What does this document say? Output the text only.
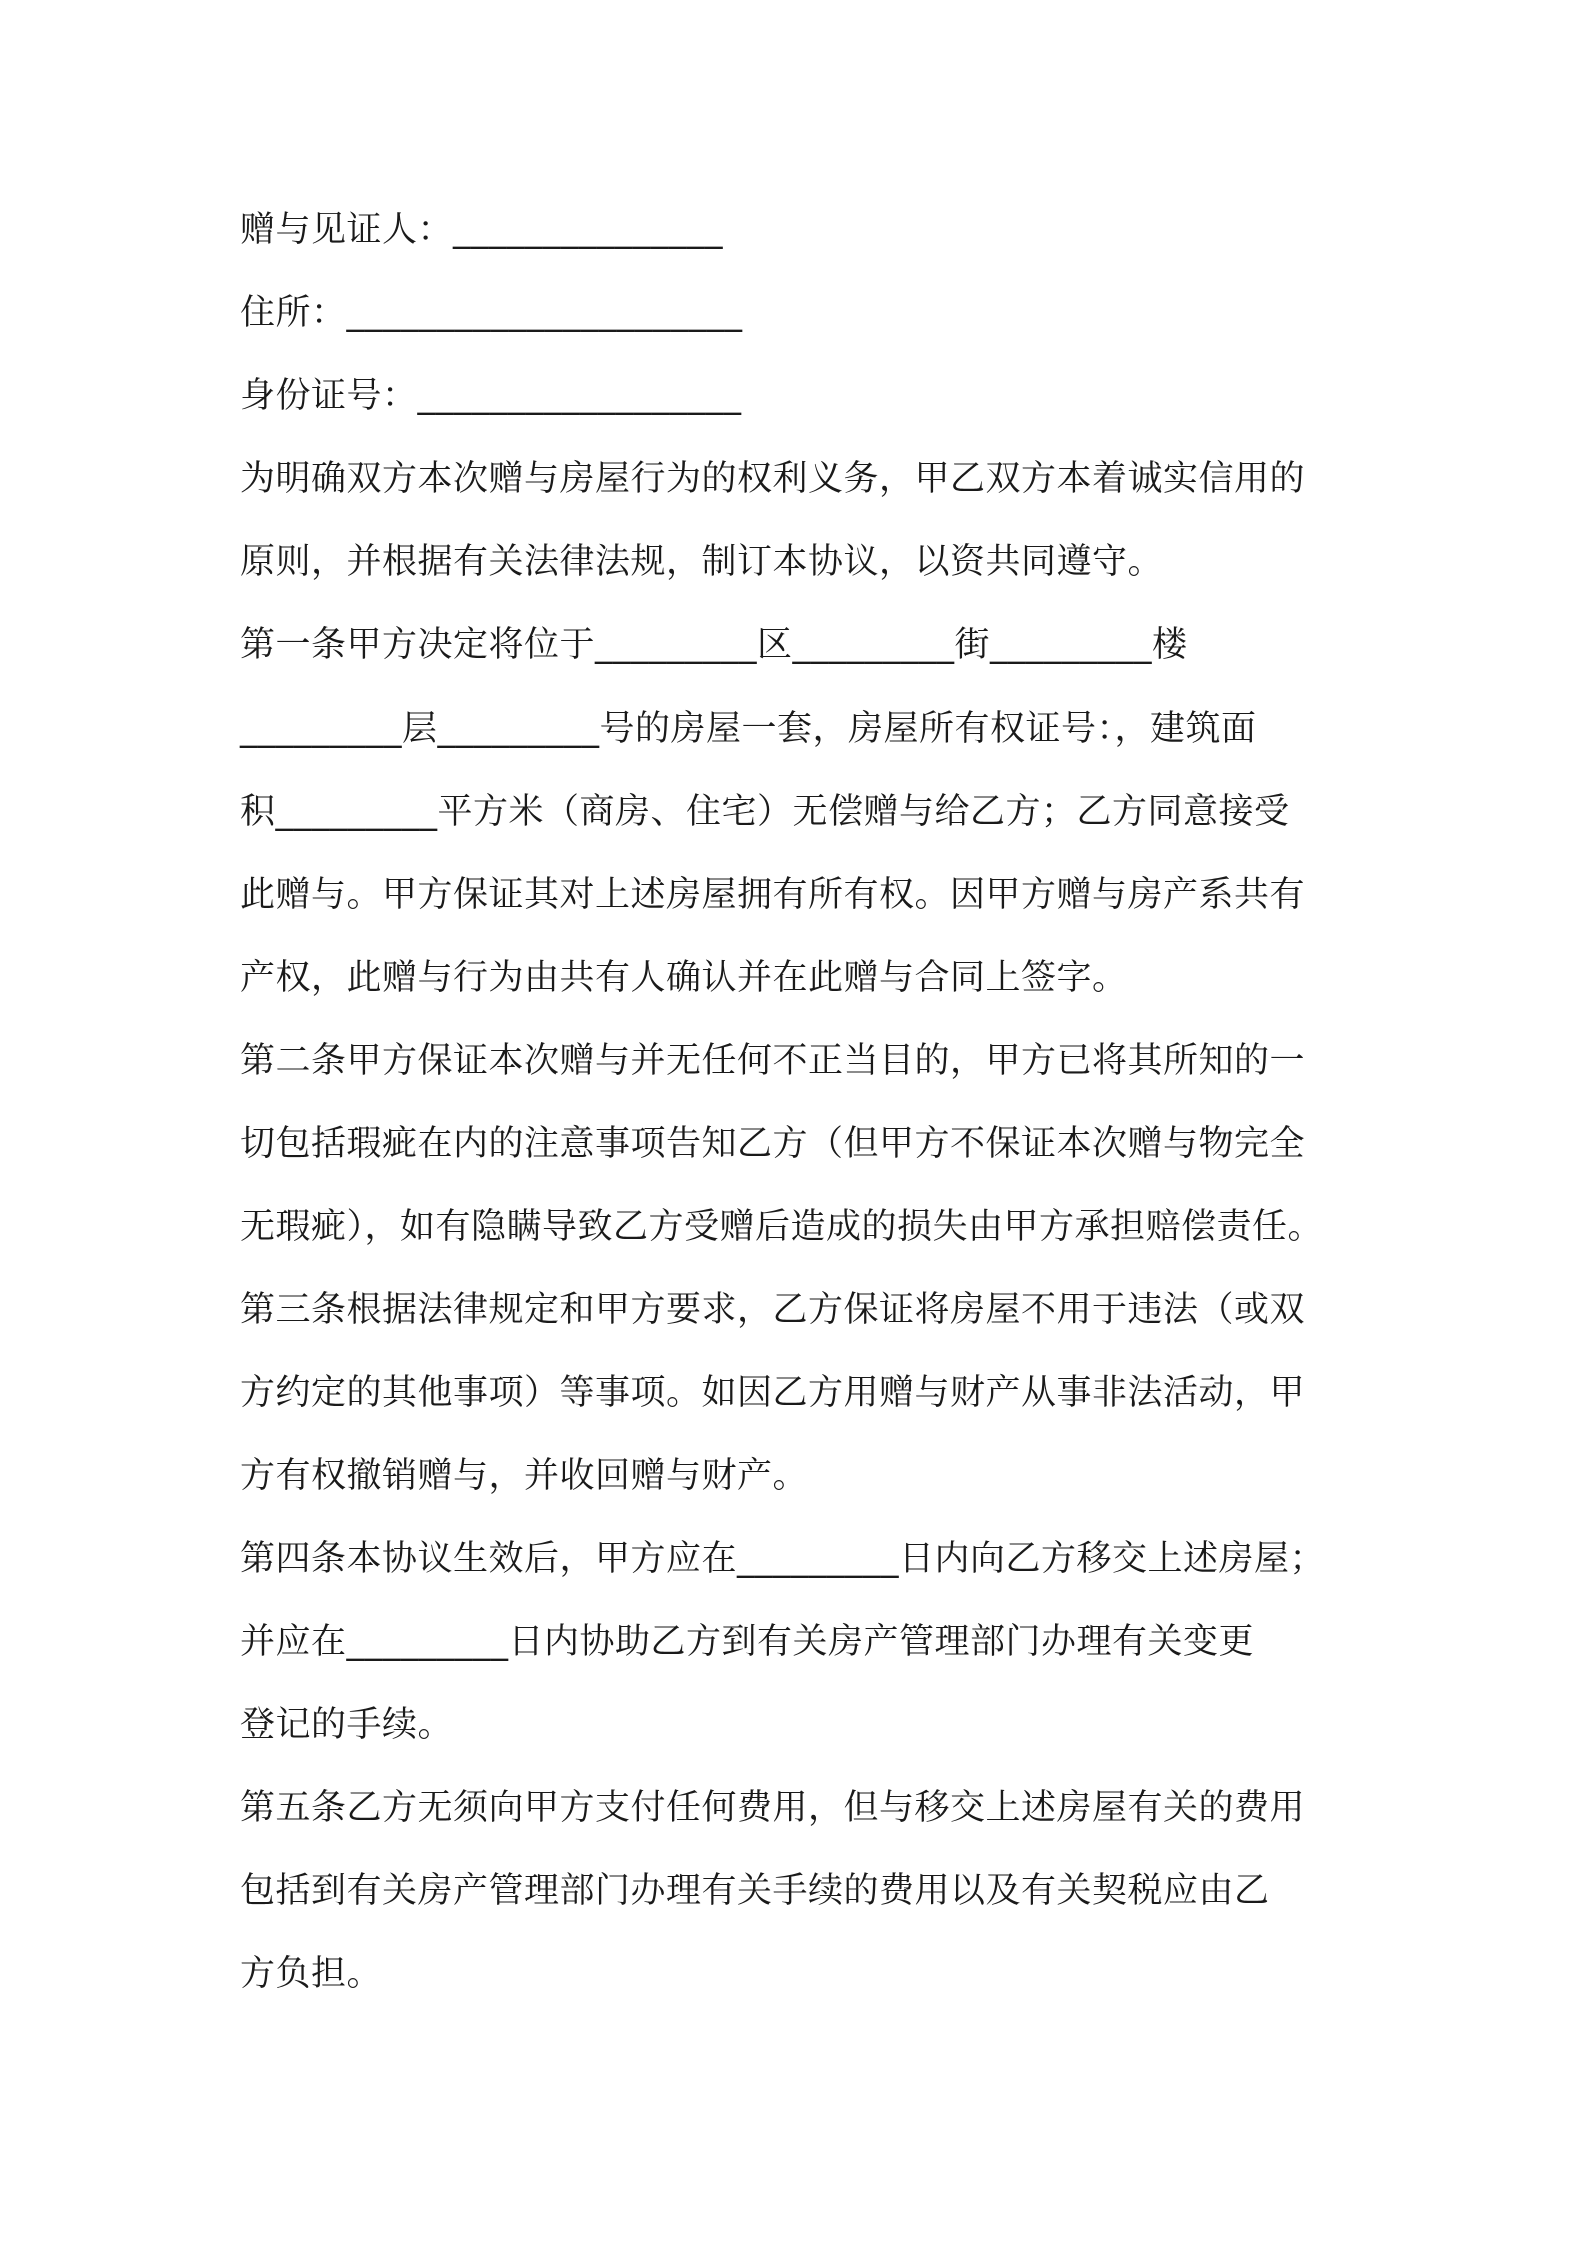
赠与见证人：_______________
住所：______________________
身份证号：__________________
为明确双方本次赠与房屋行为的权利义务，甲乙双方本着诚实信用的
原则，并根据有关法律法规，制订本协议，以资共同遵守。
第一条甲方决定将位于_________区_________街_________楼
_________层_________号的房屋一套，房屋所有权证号：，建筑面
积_________平方米（商房、住宅）无偿赠与给乙方；乙方同意接受
此赠与。甲方保证其对上述房屋拥有所有权。因甲方赠与房产系共有
产权，此赠与行为由共有人确认并在此赠与合同上签字。
第二条甲方保证本次赠与并无任何不正当目的，甲方已将其所知的一
切包括瑕疵在内的注意事项告知乙方（但甲方不保证本次赠与物完全
无瑕疵），如有隐瞒导致乙方受赠后造成的损失由甲方承担赔偿责任。
第三条根据法律规定和甲方要求，乙方保证将房屋不用于违法（或双
方约定的其他事项）等事项。如因乙方用赠与财产从事非法活动，甲
方有权撤销赠与，并收回赠与财产。
第四条本协议生效后，甲方应在_________日内向乙方移交上述房屋；
并应在_________日内协助乙方到有关房产管理部门办理有关变更
登记的手续。
第五条乙方无须向甲方支付任何费用，但与移交上述房屋有关的费用
包括到有关房产管理部门办理有关手续的费用以及有关契税应由乙
方负担。
